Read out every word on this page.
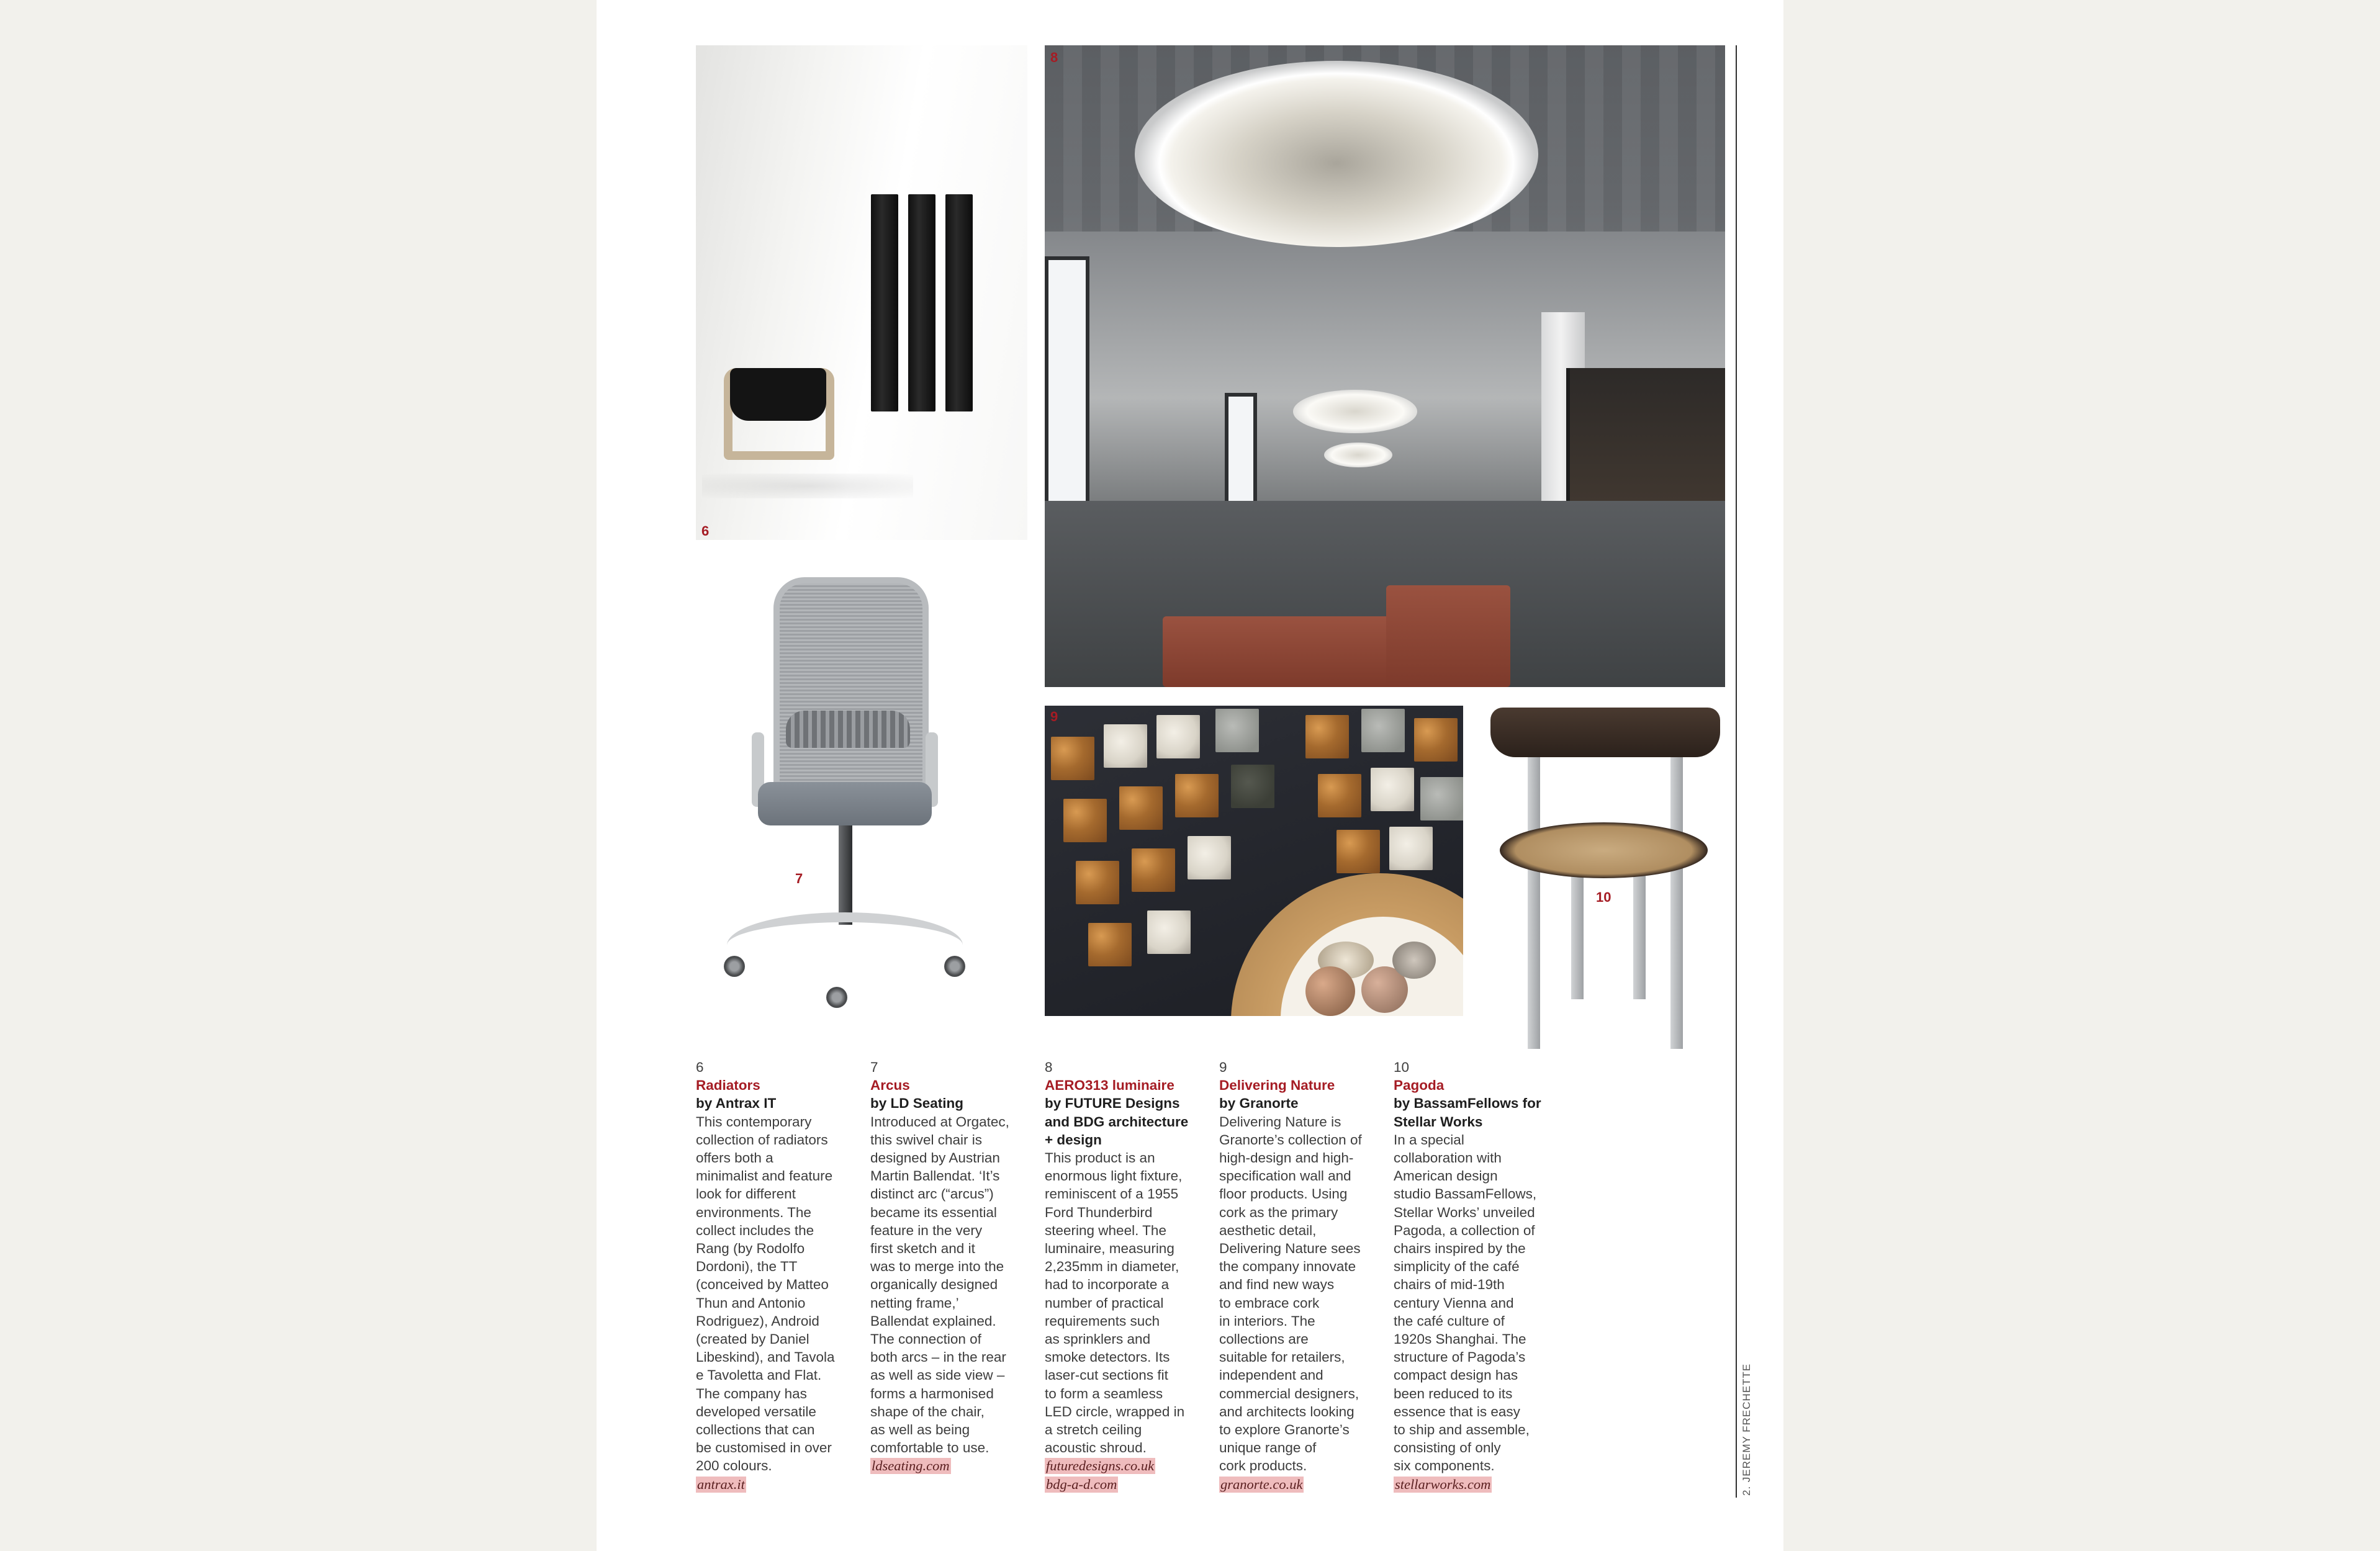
6
8
7
9
10
2. JEREMY FRECHETTE
6
Radiators
by Antrax IT
This contemporary
collection of radiators
offers both a
minimalist and feature
look for different
environments. The
collect includes the
Rang (by Rodolfo
Dordoni), the TT
(conceived by Matteo
Thun and Antonio
Rodriguez), Android
(created by Daniel
Libeskind), and Tavola
e Tavoletta and Flat.
The company has
developed versatile
collections that can
be customised in over
200 colours.
antrax.it
7
Arcus
by LD Seating
Introduced at Orgatec,
this swivel chair is
designed by Austrian
Martin Ballendat. ‘It’s
distinct arc (“arcus”)
became its essential
feature in the very
first sketch and it
was to merge into the
organically designed
netting frame,’
Ballendat explained.
The connection of
both arcs – in the rear
as well as side view –
forms a harmonised
shape of the chair,
as well as being
comfortable to use.
ldseating.com
8
AERO313 luminaire
by FUTURE Designs
and BDG architecture
+ design
This product is an
enormous light fixture,
reminiscent of a 1955
Ford Thunderbird
steering wheel. The
luminaire, measuring
2,235mm in diameter,
had to incorporate a
number of practical
requirements such
as sprinklers and
smoke detectors. Its
laser-cut sections fit
to form a seamless
LED circle, wrapped in
a stretch ceiling
acoustic shroud.
futuredesigns.co.uk
bdg-a-d.com
9
Delivering Nature
by Granorte
Delivering Nature is
Granorte’s collection of
high-design and high-
specification wall and
floor products. Using
cork as the primary
aesthetic detail,
Delivering Nature sees
the company innovate
and find new ways
to embrace cork
in interiors. The
collections are
suitable for retailers,
independent and
commercial designers,
and architects looking
to explore Granorte’s
unique range of
cork products.
granorte.co.uk
10
Pagoda
by BassamFellows for
Stellar Works
In a special
collaboration with
American design
studio BassamFellows,
Stellar Works’ unveiled
Pagoda, a collection of
chairs inspired by the
simplicity of the café
chairs of mid-19th
century Vienna and
the café culture of
1920s Shanghai. The
structure of Pagoda’s
compact design has
been reduced to its
essence that is easy
to ship and assemble,
consisting of only
six components.
stellarworks.com
